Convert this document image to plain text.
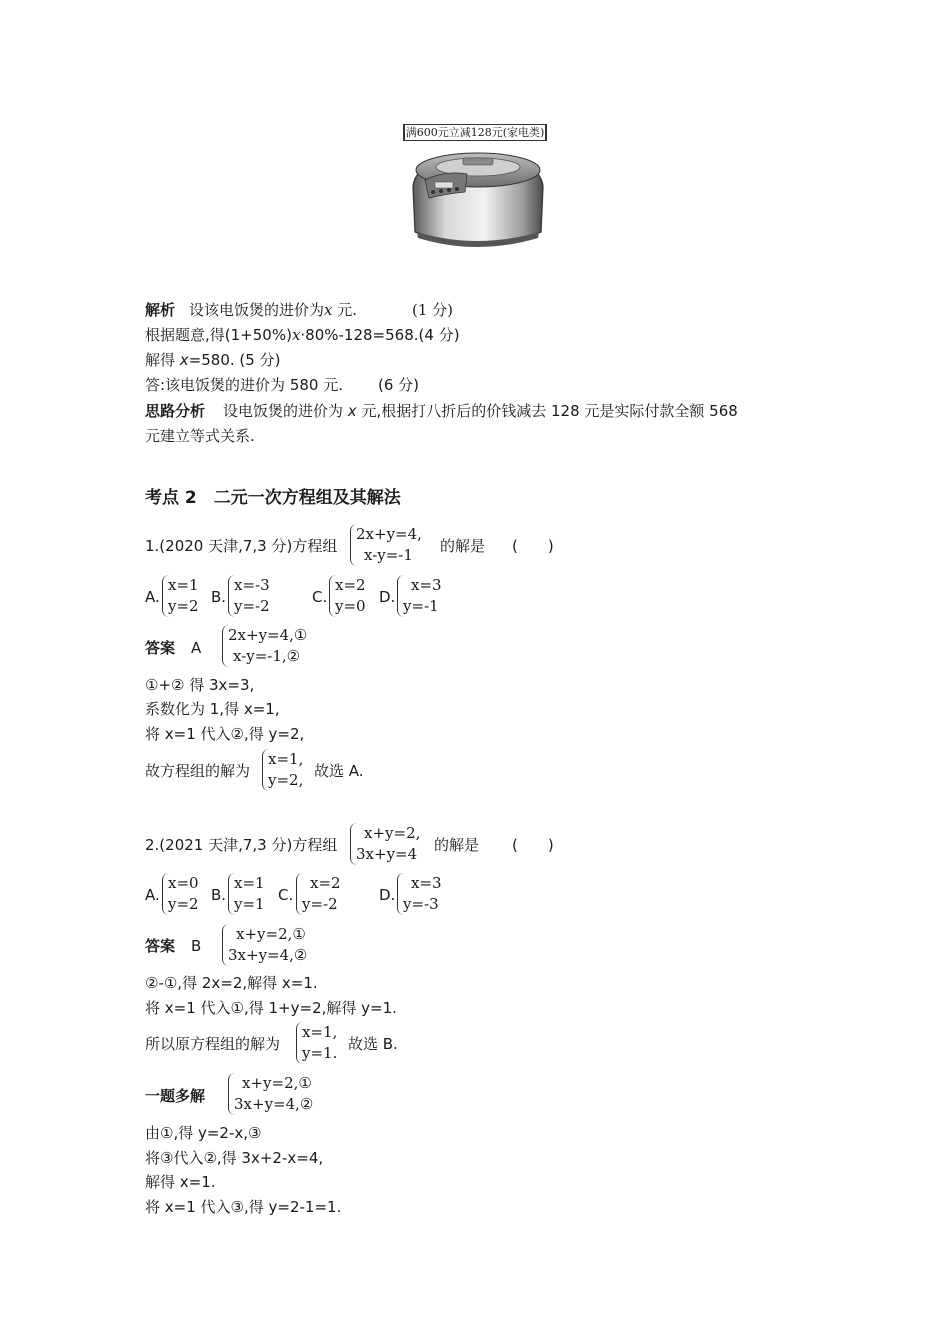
满600元立减128元(家电类)
解析 设该电饭煲的进价为x 元.	(1 分)
根据题意,得(1+50%)x·80%-128=568.(4 分)
解得 x=580. (5 分)
答:该电饭煲的进价为 580 元. (6 分)
思路分析 设电饭煲的进价为 x 元,根据打八折后的价钱减去 128 元是实际付款全额 568
元建立等式关系.
考点 2　二元一次方程组及其解法
1.(2020 天津,7,3 分)方程组
2x+y=4,
x-y=-1	的解是 (　　)
A.
x=1
y=2 B.
x=-3
y=-2	C.
x=2
y=0 D.
x=3
y=-1
答案 A
2x+y=4,①
x-y=-1,②
①+② 得 3x=3,
系数化为 1,得 x=1,
将 x=1 代入②,得 y=2,
故方程组的解为
x=1,
y=2, 故选 A.
2.(2021 天津,7,3 分)方程组
x+y=2,
3x+y=4 的解是 (　　)
A.
x=0
y=2 B.
x=1
y=1 C.
x=2
y=-2	D.
x=3
y=-3
答案 B
x+y=2,①
3x+y=4,②
②-①,得 2x=2,解得 x=1.
将 x=1 代入①,得 1+y=2,解得 y=1.
所以原方程组的解为
x=1,
y=1. 故选 B.
一题多解
x+y=2,①
3x+y=4,②
由①,得 y=2-x,③
将③代入②,得 3x+2-x=4,
解得 x=1.
将 x=1 代入③,得 y=2-1=1.
